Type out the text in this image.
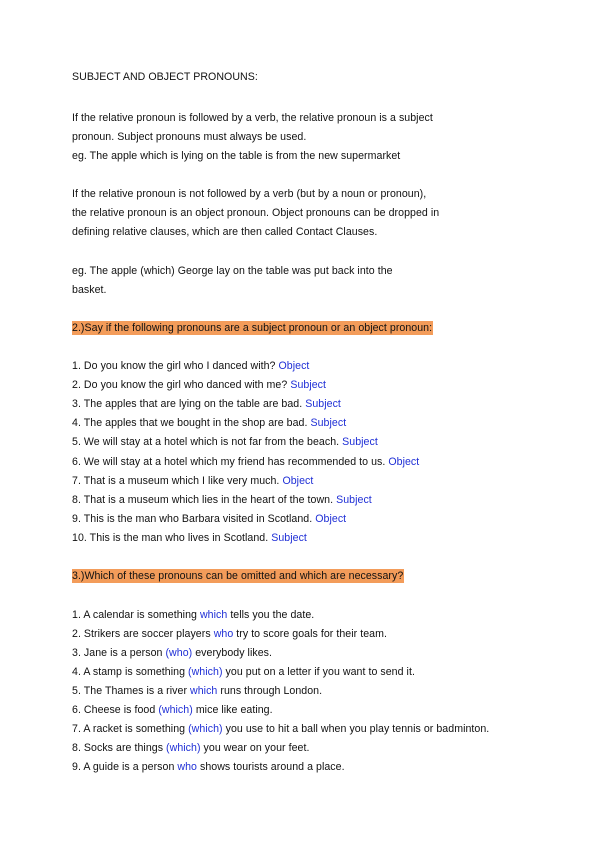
SUBJECT AND OBJECT PRONOUNS:
If the relative pronoun is followed by a verb, the relative pronoun is a subject
pronoun. Subject pronouns must always be used.
eg. The apple which is lying on the table is from the new supermarket
If the relative pronoun is not followed by a verb (but by a noun or pronoun),
the relative pronoun is an object pronoun. Object pronouns can be dropped in
defining relative clauses, which are then called Contact Clauses.
eg. The apple (which) George lay on the table was put back into the
basket.
2.)Say if the following pronouns are a subject pronoun or an object pronoun:
1. Do you know the girl who I danced with? Object
2. Do you know the girl who danced with me? Subject
3. The apples that are lying on the table are bad. Subject
4. The apples that we bought in the shop are bad. Subject
5. We will stay at a hotel which is not far from the beach. Subject
6. We will stay at a hotel which my friend has recommended to us. Object
7. That is a museum which I like very much. Object
8. That is a museum which lies in the heart of the town. Subject
9. This is the man who Barbara visited in Scotland. Object
10. This is the man who lives in Scotland. Subject
3.)Which of these pronouns can be omitted and which are necessary?
1. A calendar is something which tells you the date.
2. Strikers are soccer players who try to score goals for their team.
3. Jane is a person (who) everybody likes.
4. A stamp is something (which) you put on a letter if you want to send it.
5. The Thames is a river which runs through London.
6. Cheese is food (which) mice like eating.
7. A racket is something (which) you use to hit a ball when you play tennis or badminton.
8. Socks are things (which) you wear on your feet.
9. A guide is a person who shows tourists around a place.
